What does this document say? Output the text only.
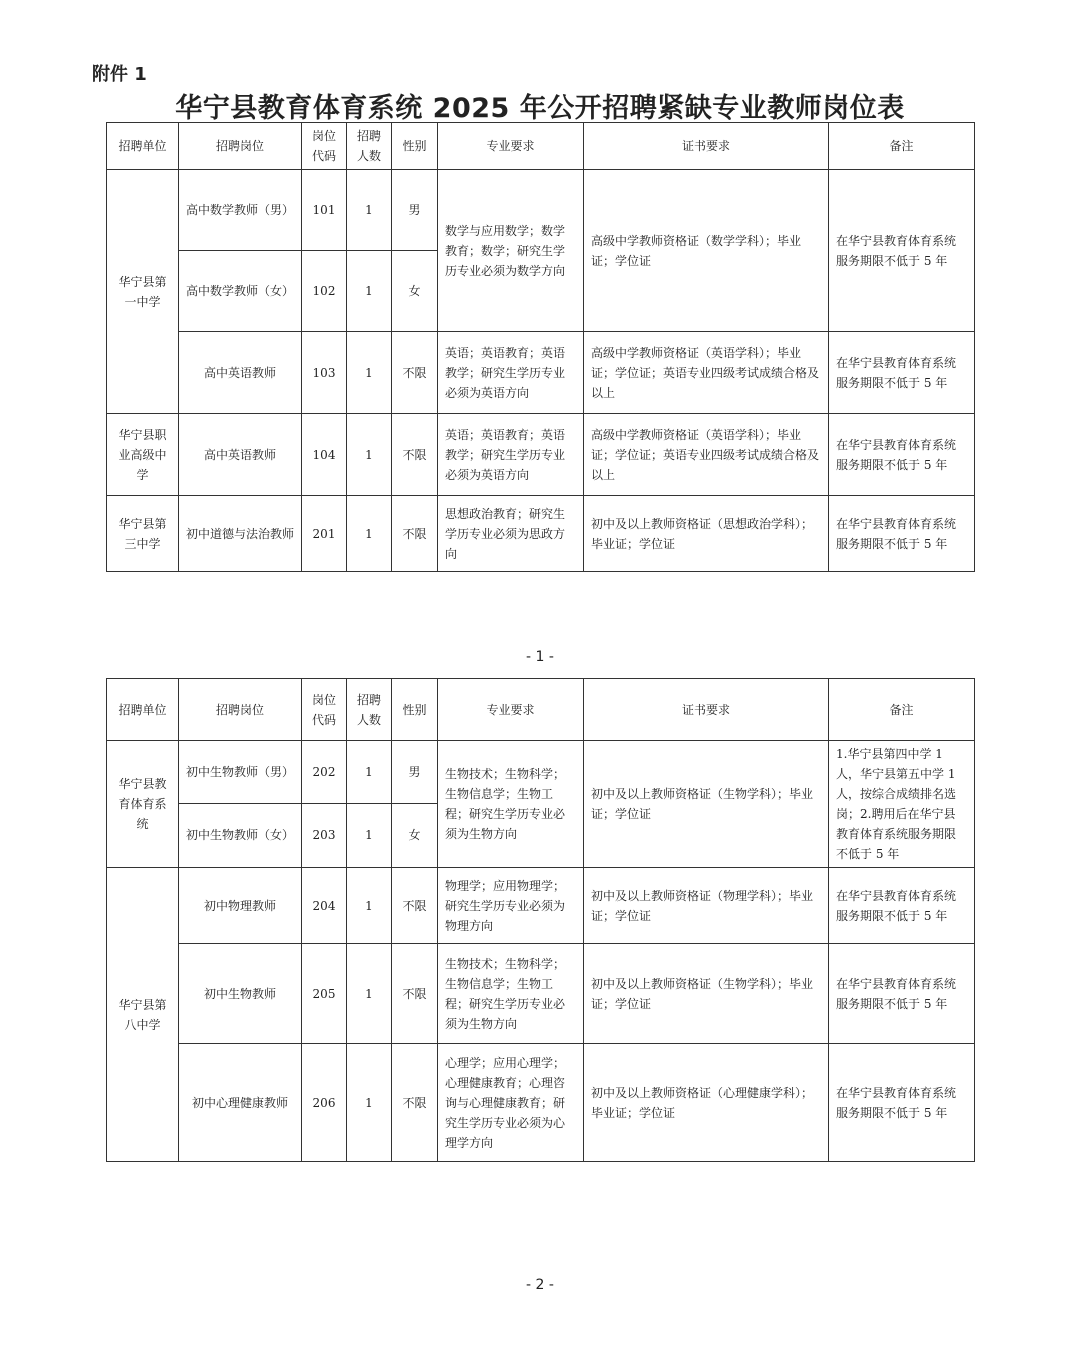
附件 1
华宁县教育体育系统 2025 年公开招聘紧缺专业教师岗位表
招聘单位	招聘岗位	岗位代码	招聘人数	性别	专业要求	证书要求	备注
华宁县第一中学	高中数学教师（男）	101	1	男	数学与应用数学；数学教育；数学；研究生学历专业必须为数学方向	高级中学教师资格证（数学学科）；毕业证；学位证	在华宁县教育体育系统服务期限不低于 5 年
	高中数学教师（女）	102	1	女			
	高中英语教师	103	1	不限	英语；英语教育；英语教学；研究生学历专业必须为英语方向	高级中学教师资格证（英语学科）；毕业证；学位证；英语专业四级考试成绩合格及以上	在华宁县教育体育系统服务期限不低于 5 年
华宁县职业高级中学	高中英语教师	104	1	不限	英语；英语教育；英语教学；研究生学历专业必须为英语方向	高级中学教师资格证（英语学科）；毕业证；学位证；英语专业四级考试成绩合格及以上	在华宁县教育体育系统服务期限不低于 5 年
华宁县第三中学	初中道德与法治教师	201	1	不限	思想政治教育；研究生学历专业必须为思政方向	初中及以上教师资格证（思想政治学科）；毕业证；学位证	在华宁县教育体育系统服务期限不低于 5 年
- 1 -
招聘单位	招聘岗位	岗位代码	招聘人数	性别	专业要求	证书要求	备注
华宁县教育体育系统	初中生物教师（男）	202	1	男	生物技术；生物科学；生物信息学；生物工程；研究生学历专业必须为生物方向	初中及以上教师资格证（生物学科）；毕业证；学位证	1.华宁县第四中学 1 人，华宁县第五中学 1 人，按综合成绩排名选岗；2.聘用后在华宁县教育体育系统服务期限不低于 5 年
	初中生物教师（女）	203	1	女			
华宁县第八中学	初中物理教师	204	1	不限	物理学；应用物理学；研究生学历专业必须为物理方向	初中及以上教师资格证（物理学科）；毕业证；学位证	在华宁县教育体育系统服务期限不低于 5 年
	初中生物教师	205	1	不限	生物技术；生物科学；生物信息学；生物工程；研究生学历专业必须为生物方向	初中及以上教师资格证（生物学科）；毕业证；学位证	在华宁县教育体育系统服务期限不低于 5 年
	初中心理健康教师	206	1	不限	心理学；应用心理学；心理健康教育；心理咨询与心理健康教育；研究生学历专业必须为心理学方向	初中及以上教师资格证（心理健康学科）；毕业证；学位证	在华宁县教育体育系统服务期限不低于 5 年
- 2 -
